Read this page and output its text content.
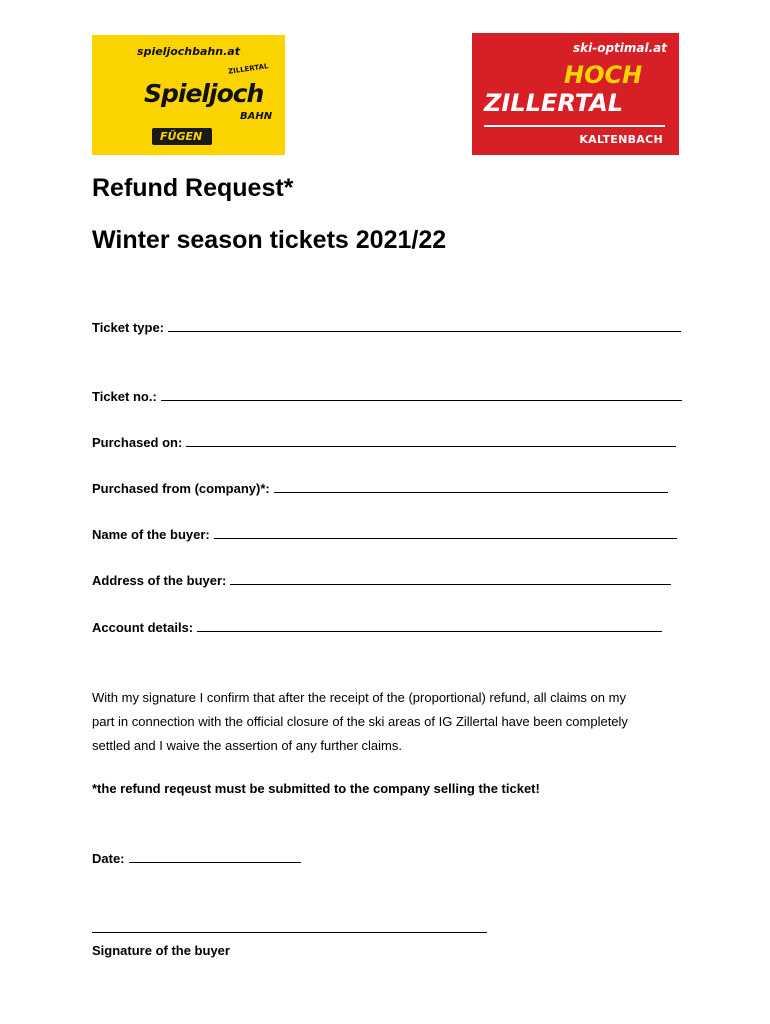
spieljochbahn.at
ZILLERTAL
Spieljoch
BAHN
FÜGEN
ski-optimal.at
HOCH
ZILLERTAL
KALTENBACH
Refund Request*
Winter season tickets 2021/22
Ticket type:
Ticket no.:
Purchased on:
Purchased from (company)*:
Name of the buyer:
Address of the buyer:
Account details:
With my signature I confirm that after the receipt of the (proportional) refund, all claims on my
part in connection with the official closure of the ski areas of IG Zillertal have been completely
settled and I waive the assertion of any further claims.
*the refund reqeust must be submitted to the company selling the ticket!
Date:
Signature of the buyer
